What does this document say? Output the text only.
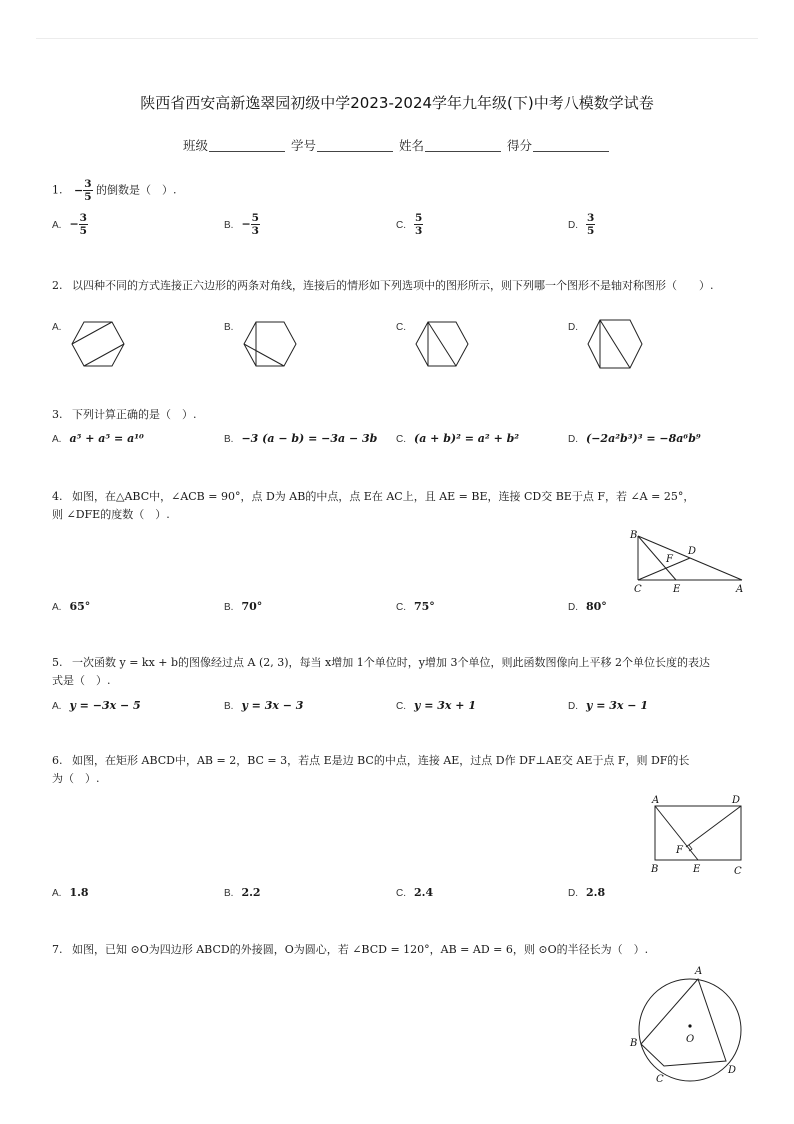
陕西省西安高新逸翠园初级中学2023-2024学年九年级(下)中考八模数学试卷
班级	学号	姓名	得分
1. − $\frac{3}{5}$ 的倒数是（　）.
A. − $\frac{3}{5}$	B. − $\frac{5}{3}$	C. $\frac{5}{3}$	D. $\frac{3}{5}$
2. 以四种不同的方式连接正六边形的两条对角线，连接后的情形如下列选项中的图形所示，则下列哪一个图形不是轴对称图形（　　）.
A.	B.	C.	D.
3. 下列计算正确的是（　）.
A. a⁵ + a⁵ = a¹⁰	B. −3 (a − b) = −3a − 3b C. (a + b)² = a² + b²	D. (−2a²b³)³ = −8a⁶b⁹
4. 如图，在△ABC中，∠ACB = 90°，点 D为 AB的中点，点 E在 AC上，且 AE = BE，连接 CD交 BE于点 F，若 ∠A = 25°，
则 ∠DFE的度数（　）.
B
F
D
C	E	A
A. 65°	B. 70°	C. 75°	D. 80°
5. 一次函数 y = kx + b的图像经过点 A (2, 3)，每当 x增加 1个单位时，y增加 3个单位，则此函数图像向上平移 2个单位长度的表达
式是（　）.
A. y = −3x − 5	B. y = 3x − 3	C. y = 3x + 1	D. y = 3x − 1
6. 如图，在矩形 ABCD中，AB = 2，BC = 3，若点 E是边 BC的中点，连接 AE，过点 D作 DF⊥AE交 AE于点 F，则 DF的长
为（　）.
A	D
F
B	E	C
A. 1.8	B. 2.2	C. 2.4	D. 2.8
7. 如图，已知 ⊙O为四边形 ABCD的外接圆，O为圆心，若 ∠BCD = 120°，AB = AD = 6，则 ⊙O的半径长为（　）.
A
O
B
C
D
